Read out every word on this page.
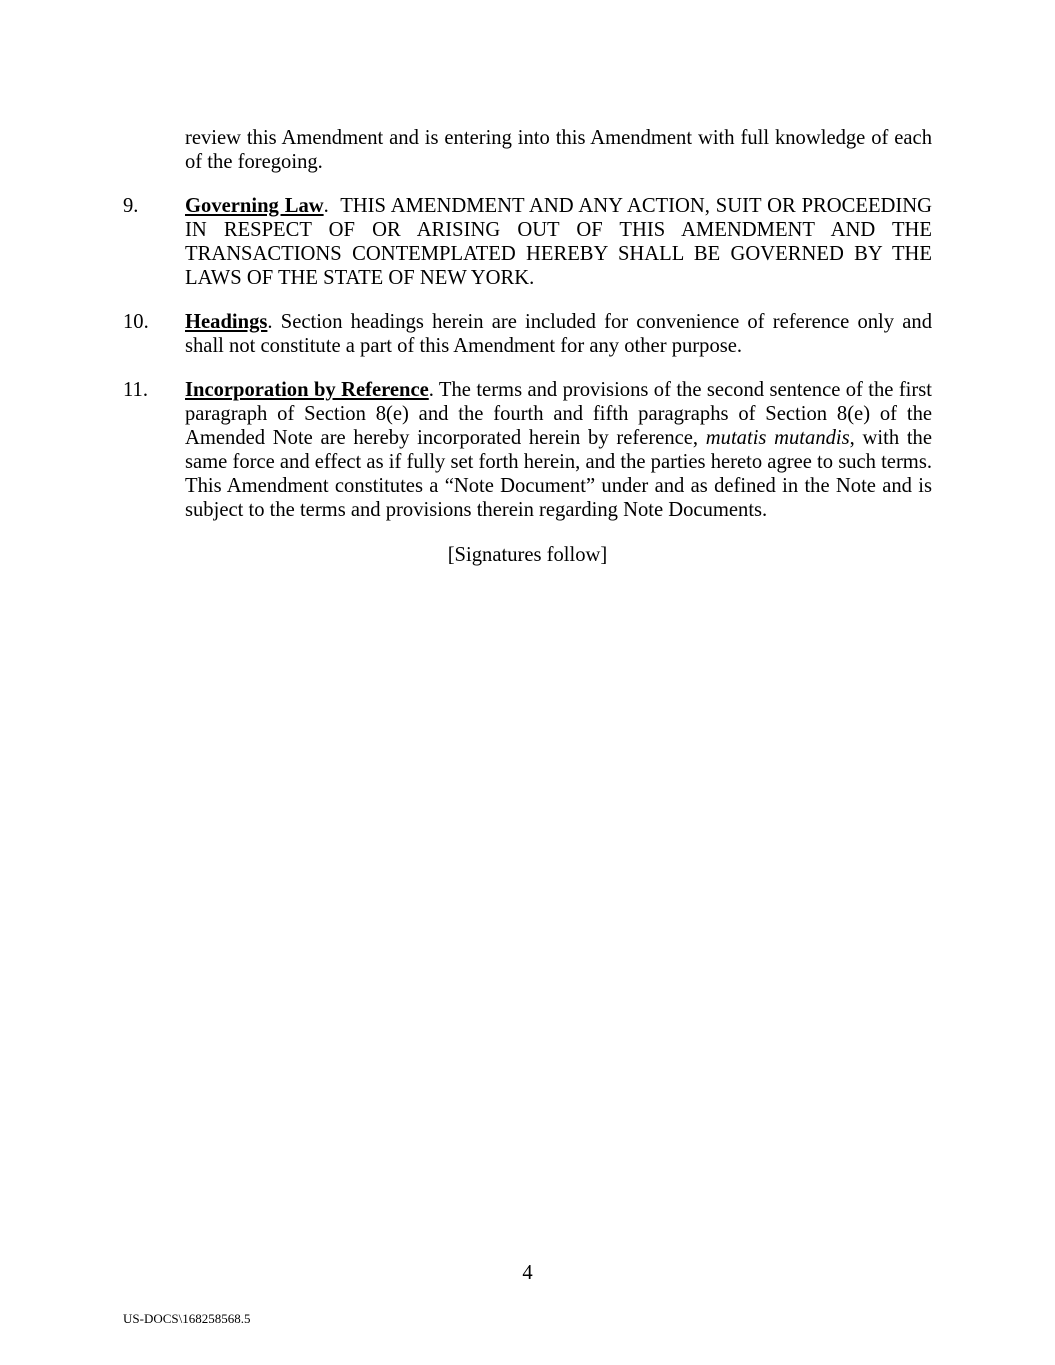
review this Amendment and is entering into this Amendment with full knowledge of each of the foregoing.

9.	Governing Law.  THIS AMENDMENT AND ANY ACTION, SUIT OR PROCEEDING IN RESPECT OF OR ARISING OUT OF THIS AMENDMENT AND THE TRANSACTIONS CONTEMPLATED HEREBY SHALL BE GOVERNED BY THE LAWS OF THE STATE OF NEW YORK.
10.	Headings. Section headings herein are included for convenience of reference only and shall not constitute a part of this Amendment for any other purpose.
11.	Incorporation by Reference. The terms and provisions of the second sentence of the first paragraph of Section 8(e) and the fourth and fifth paragraphs of Section 8(e) of the Amended Note are hereby incorporated herein by reference, mutatis mutandis, with the same force and effect as if fully set forth herein, and the parties hereto agree to such terms. This Amendment constitutes a “Note Document” under and as defined in the Note and is subject to the terms and provisions therein regarding Note Documents.

[Signatures follow]

4
US-DOCS\168258568.5
